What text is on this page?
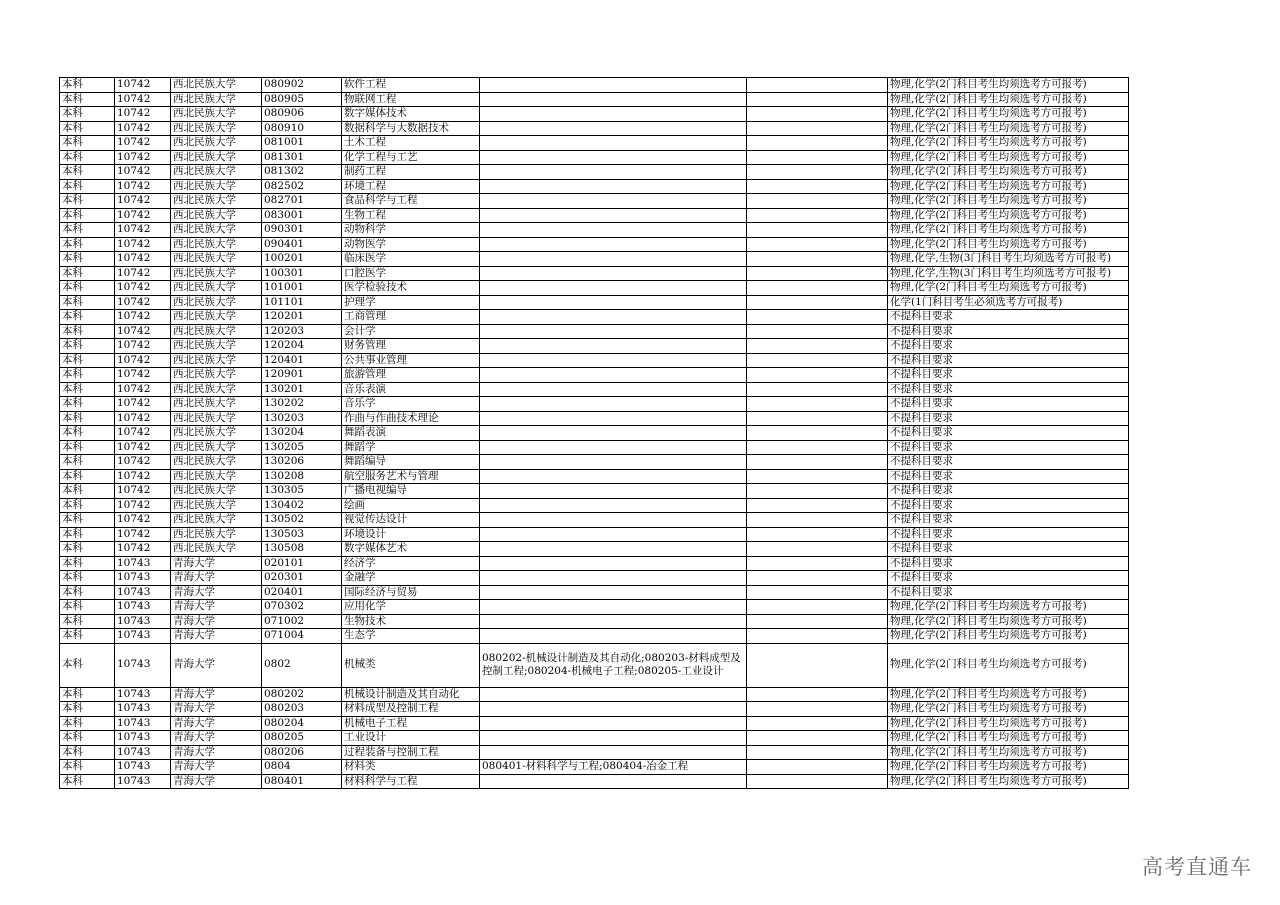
本科	10742	西北民族大学	080902	软件工程			物理,化学(2门科目考生均须选考方可报考)
本科	10742	西北民族大学	080905	物联网工程			物理,化学(2门科目考生均须选考方可报考)
本科	10742	西北民族大学	080906	数字媒体技术			物理,化学(2门科目考生均须选考方可报考)
本科	10742	西北民族大学	080910	数据科学与大数据技术			物理,化学(2门科目考生均须选考方可报考)
本科	10742	西北民族大学	081001	土木工程			物理,化学(2门科目考生均须选考方可报考)
本科	10742	西北民族大学	081301	化学工程与工艺			物理,化学(2门科目考生均须选考方可报考)
本科	10742	西北民族大学	081302	制药工程			物理,化学(2门科目考生均须选考方可报考)
本科	10742	西北民族大学	082502	环境工程			物理,化学(2门科目考生均须选考方可报考)
本科	10742	西北民族大学	082701	食品科学与工程			物理,化学(2门科目考生均须选考方可报考)
本科	10742	西北民族大学	083001	生物工程			物理,化学(2门科目考生均须选考方可报考)
本科	10742	西北民族大学	090301	动物科学			物理,化学(2门科目考生均须选考方可报考)
本科	10742	西北民族大学	090401	动物医学			物理,化学(2门科目考生均须选考方可报考)
本科	10742	西北民族大学	100201	临床医学			物理,化学,生物(3门科目考生均须选考方可报考)
本科	10742	西北民族大学	100301	口腔医学			物理,化学,生物(3门科目考生均须选考方可报考)
本科	10742	西北民族大学	101001	医学检验技术			物理,化学(2门科目考生均须选考方可报考)
本科	10742	西北民族大学	101101	护理学			化学(1门科目考生必须选考方可报考)
本科	10742	西北民族大学	120201	工商管理			不提科目要求
本科	10742	西北民族大学	120203	会计学			不提科目要求
本科	10742	西北民族大学	120204	财务管理			不提科目要求
本科	10742	西北民族大学	120401	公共事业管理			不提科目要求
本科	10742	西北民族大学	120901	旅游管理			不提科目要求
本科	10742	西北民族大学	130201	音乐表演			不提科目要求
本科	10742	西北民族大学	130202	音乐学			不提科目要求
本科	10742	西北民族大学	130203	作曲与作曲技术理论			不提科目要求
本科	10742	西北民族大学	130204	舞蹈表演			不提科目要求
本科	10742	西北民族大学	130205	舞蹈学			不提科目要求
本科	10742	西北民族大学	130206	舞蹈编导			不提科目要求
本科	10742	西北民族大学	130208	航空服务艺术与管理			不提科目要求
本科	10742	西北民族大学	130305	广播电视编导			不提科目要求
本科	10742	西北民族大学	130402	绘画			不提科目要求
本科	10742	西北民族大学	130502	视觉传达设计			不提科目要求
本科	10742	西北民族大学	130503	环境设计			不提科目要求
本科	10742	西北民族大学	130508	数字媒体艺术			不提科目要求
本科	10743	青海大学	020101	经济学			不提科目要求
本科	10743	青海大学	020301	金融学			不提科目要求
本科	10743	青海大学	020401	国际经济与贸易			不提科目要求
本科	10743	青海大学	070302	应用化学			物理,化学(2门科目考生均须选考方可报考)
本科	10743	青海大学	071002	生物技术			物理,化学(2门科目考生均须选考方可报考)
本科	10743	青海大学	071004	生态学			物理,化学(2门科目考生均须选考方可报考)
本科	10743	青海大学	0802	机械类	080202-机械设计制造及其自动化;080203-材料成型及控制工程;080204-机械电子工程;080205-工业设计		物理,化学(2门科目考生均须选考方可报考)
本科	10743	青海大学	080202	机械设计制造及其自动化			物理,化学(2门科目考生均须选考方可报考)
本科	10743	青海大学	080203	材料成型及控制工程			物理,化学(2门科目考生均须选考方可报考)
本科	10743	青海大学	080204	机械电子工程			物理,化学(2门科目考生均须选考方可报考)
本科	10743	青海大学	080205	工业设计			物理,化学(2门科目考生均须选考方可报考)
本科	10743	青海大学	080206	过程装备与控制工程			物理,化学(2门科目考生均须选考方可报考)
本科	10743	青海大学	0804	材料类	080401-材料科学与工程;080404-冶金工程		物理,化学(2门科目考生均须选考方可报考)
本科	10743	青海大学	080401	材料科学与工程			物理,化学(2门科目考生均须选考方可报考)
高考直通车
